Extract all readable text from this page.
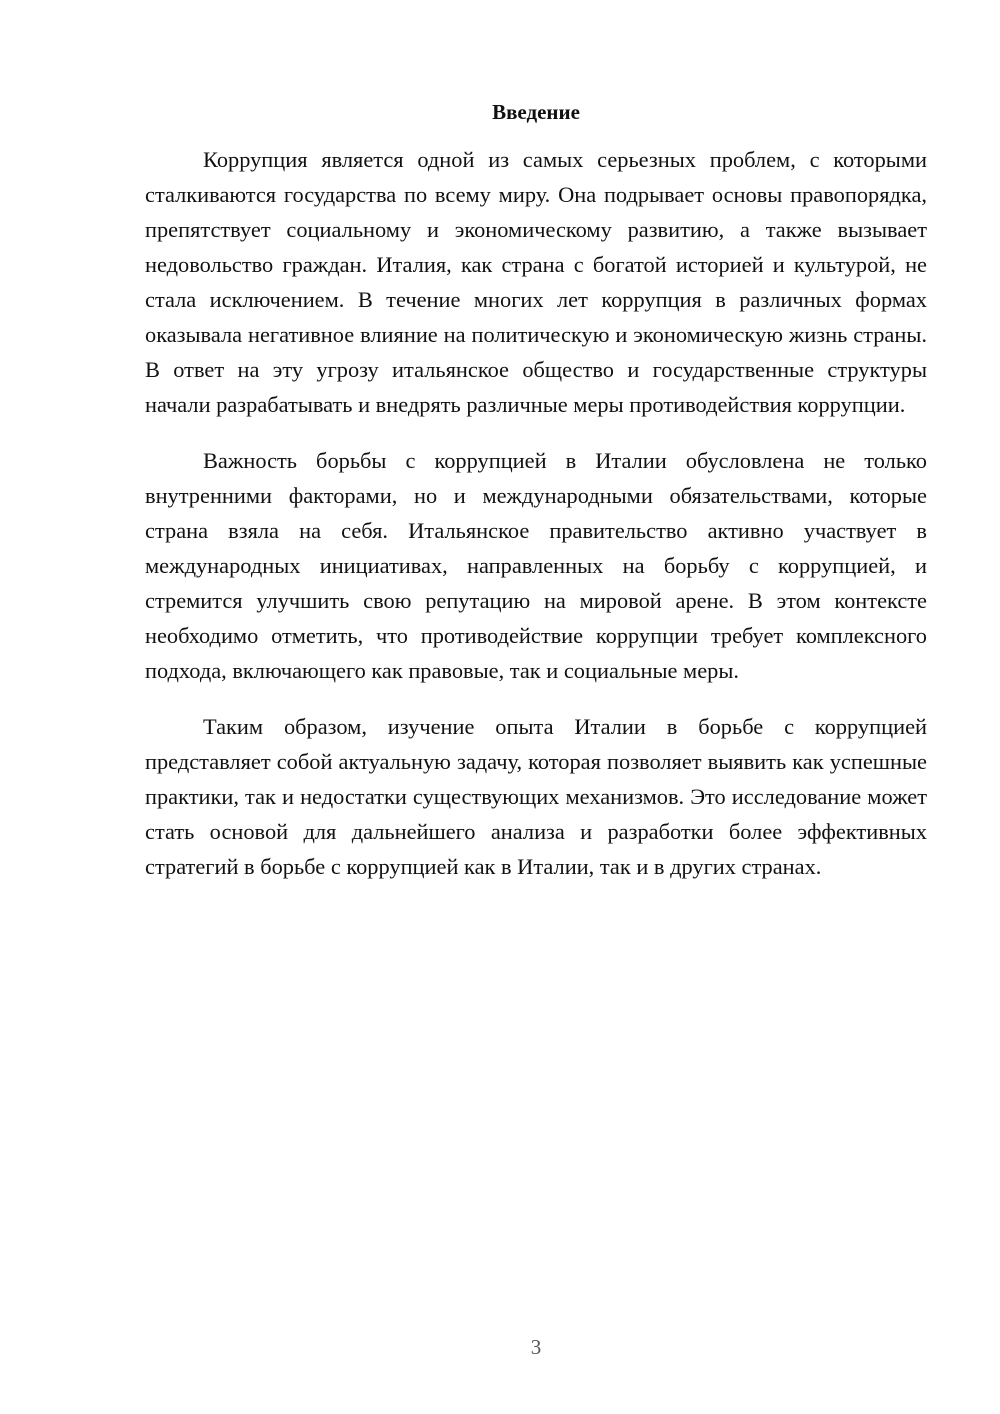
Введение

Коррупция является одной из самых серьезных проблем, с которыми сталкиваются государства по всему миру. Она подрывает основы правопорядка, препятствует социальному и экономическому развитию, а также вызывает недовольство граждан. Италия, как страна с богатой историей и культурой, не стала исключением. В течение многих лет коррупция в различных формах оказывала негативное влияние на политическую и экономическую жизнь страны. В ответ на эту угрозу итальянское общество и государственные структуры начали разрабатывать и внедрять различные меры противодействия коррупции.

Важность борьбы с коррупцией в Италии обусловлена не только внутренними факторами, но и международными обязательствами, которые страна взяла на себя. Итальянское правительство активно участвует в международных инициативах, направленных на борьбу с коррупцией, и стремится улучшить свою репутацию на мировой арене. В этом контексте необходимо отметить, что противодействие коррупции требует комплексного подхода, включающего как правовые, так и социальные меры.

Таким образом, изучение опыта Италии в борьбе с коррупцией представляет собой актуальную задачу, которая позволяет выявить как успешные практики, так и недостатки существующих механизмов. Это исследование может стать основой для дальнейшего анализа и разработки более эффективных стратегий в борьбе с коррупцией как в Италии, так и в других странах.

3
